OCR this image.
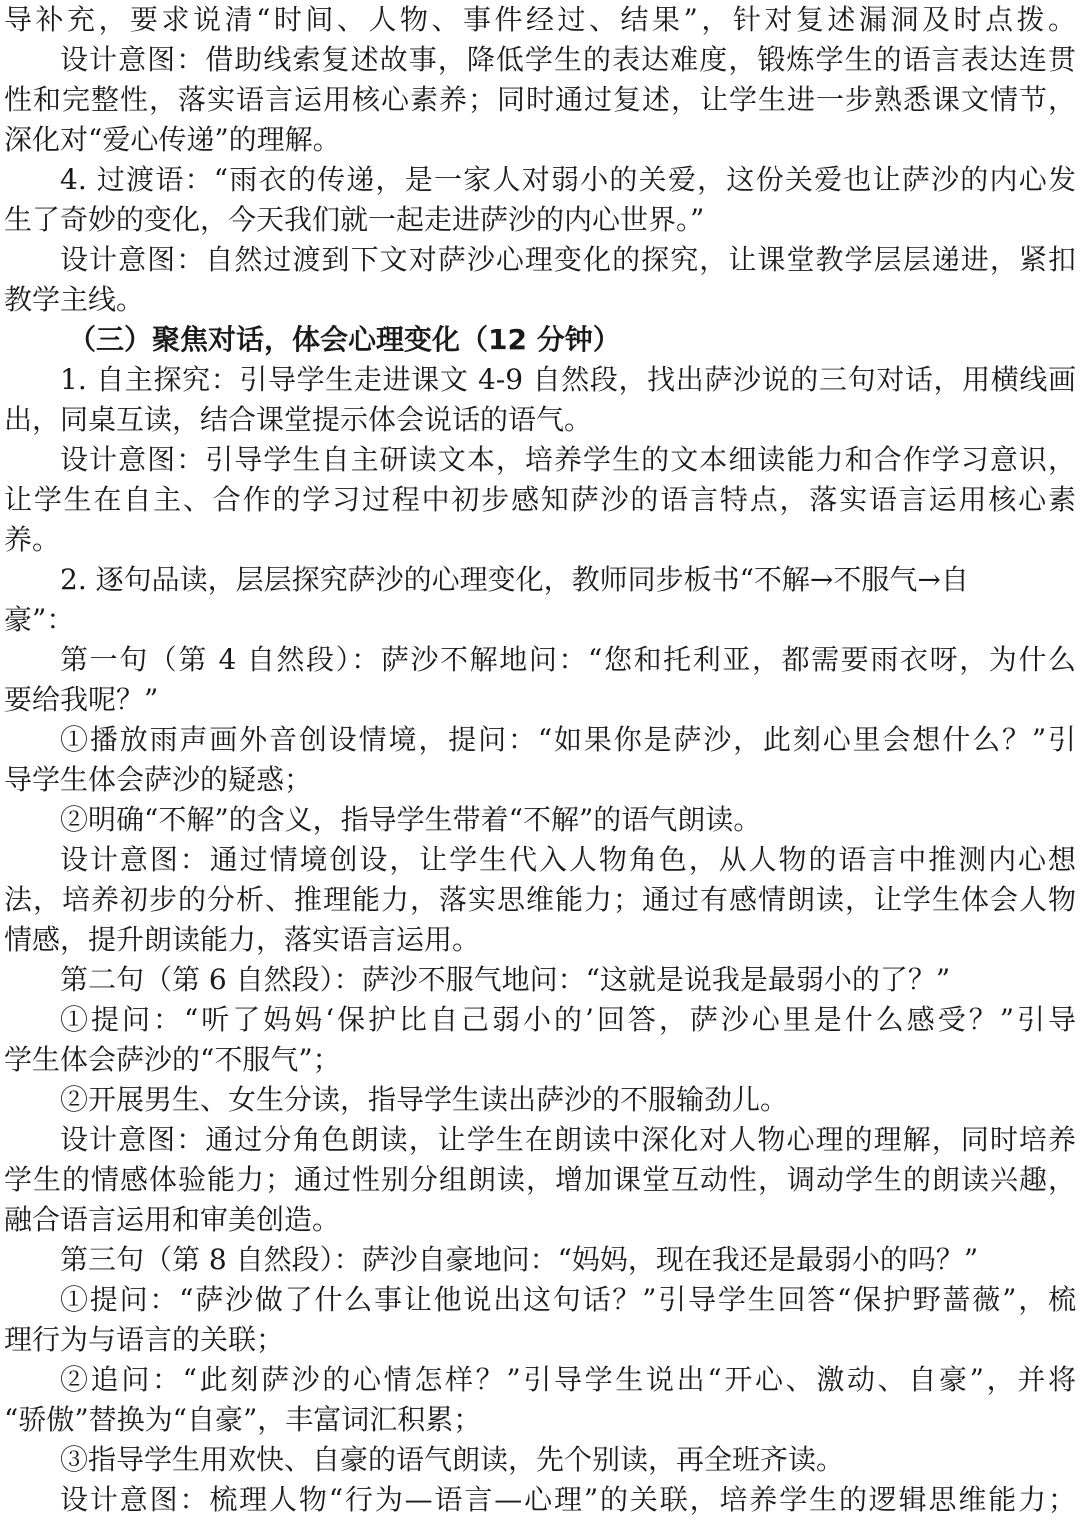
导补充，要求说清“时间、人物、事件经过、结果”，针对复述漏洞及时点拨。
设计意图：借助线索复述故事，降低学生的表达难度，锻炼学生的语言表达连贯
性和完整性，落实语言运用核心素养；同时通过复述，让学生进一步熟悉课文情节，
深化对“爱心传递”的理解。
4. 过渡语：“雨衣的传递，是一家人对弱小的关爱，这份关爱也让萨沙的内心发
生了奇妙的变化，今天我们就一起走进萨沙的内心世界。”
设计意图：自然过渡到下文对萨沙心理变化的探究，让课堂教学层层递进，紧扣
教学主线。
（三）聚焦对话，体会心理变化（12 分钟）
1. 自主探究：引导学生走进课文 4-9 自然段，找出萨沙说的三句对话，用横线画
出，同桌互读，结合课堂提示体会说话的语气。
设计意图：引导学生自主研读文本，培养学生的文本细读能力和合作学习意识，
让学生在自主、合作的学习过程中初步感知萨沙的语言特点，落实语言运用核心素
养。
2. 逐句品读，层层探究萨沙的心理变化，教师同步板书“不解→不服气→自
豪”：
第一句（第 4 自然段）：萨沙不解地问：“您和托利亚，都需要雨衣呀，为什么
要给我呢？”
①播放雨声画外音创设情境，提问：“如果你是萨沙，此刻心里会想什么？”引
导学生体会萨沙的疑惑；
②明确“不解”的含义，指导学生带着“不解”的语气朗读。
设计意图：通过情境创设，让学生代入人物角色，从人物的语言中推测内心想
法，培养初步的分析、推理能力，落实思维能力；通过有感情朗读，让学生体会人物
情感，提升朗读能力，落实语言运用。
第二句（第 6 自然段）：萨沙不服气地问：“这就是说我是最弱小的了？”
①提问：“听了妈妈‘保护比自己弱小的’回答，萨沙心里是什么感受？”引导
学生体会萨沙的“不服气”；
②开展男生、女生分读，指导学生读出萨沙的不服输劲儿。
设计意图：通过分角色朗读，让学生在朗读中深化对人物心理的理解，同时培养
学生的情感体验能力；通过性别分组朗读，增加课堂互动性，调动学生的朗读兴趣，
融合语言运用和审美创造。
第三句（第 8 自然段）：萨沙自豪地问：“妈妈，现在我还是最弱小的吗？”
①提问：“萨沙做了什么事让他说出这句话？”引导学生回答“保护野蔷薇”，梳
理行为与语言的关联；
②追问：“此刻萨沙的心情怎样？”引导学生说出“开心、激动、自豪”，并将
“骄傲”替换为“自豪”，丰富词汇积累；
③指导学生用欢快、自豪的语气朗读，先个别读，再全班齐读。
设计意图：梳理人物“行为—语言—心理”的关联，培养学生的逻辑思维能力；
